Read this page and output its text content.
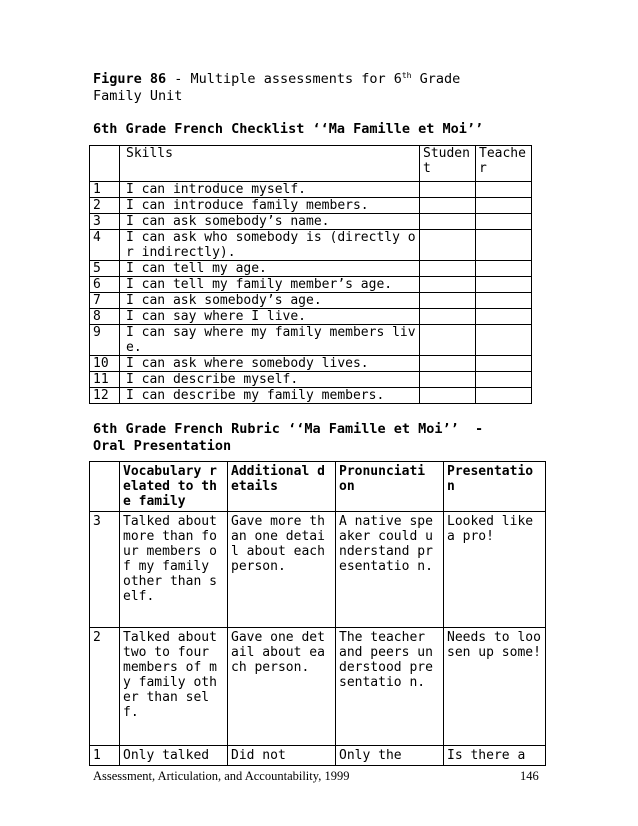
Figure 86 - Multiple assessments for 6th Grade
Family Unit
6th Grade French Checklist ‘‘Ma Famille et Moi’’
	Skills	Studen t	Teache r
1	I can introduce myself.		
2	I can introduce family members.		
3	I can ask somebody’s name.		
4	I can ask who somebody is (directly or indirectly).		
5	I can tell my age.		
6	I can tell my family member’s age.		
7	I can ask somebody’s age.		
8	I can say where I live.		
9	I can say where my family members live.		
10	I can ask where somebody lives.		
11	I can describe myself.		
12	I can describe my family members.		
6th Grade French Rubric ‘‘Ma Famille et Moi’’  -
Oral Presentation
	Vocabulary related to the family	Additional details	Pronunciati on	Presentatio n
3	Talked about more than four members of my family other than self.	Gave more than one detail about each person.	A native speaker could understand presentatio n.	Looked like a pro!
2	Talked about two to four members of my family other than self.	Gave one detail about each person.	The teacher and peers understood presentatio n.	Needs to loosen up some!
1	Only talked	Did not	Only the	Is there a
Assessment, Articulation, and Accountability, 1999	146
